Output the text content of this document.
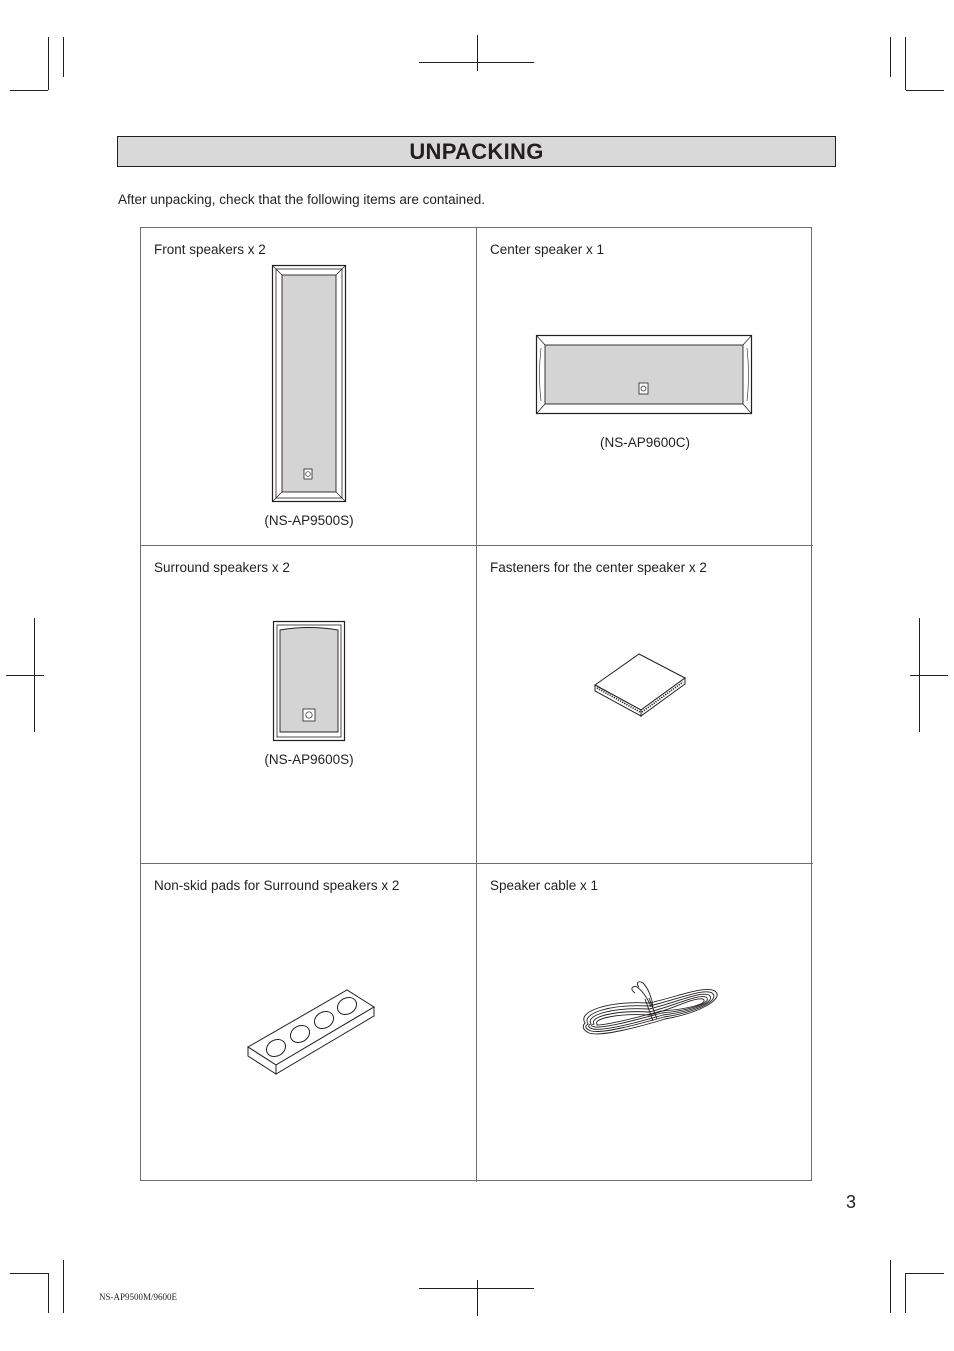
UNPACKING
After unpacking, check that the following items are contained.
Front speakers x 2
(NS-AP9500S)
Center speaker x 1
(NS-AP9600C)
Surround speakers x 2
(NS-AP9600S)
Fasteners for the center speaker x 2
Non-skid pads for Surround speakers x 2	Speaker cable x 1
3
NS-AP9500M/9600E
